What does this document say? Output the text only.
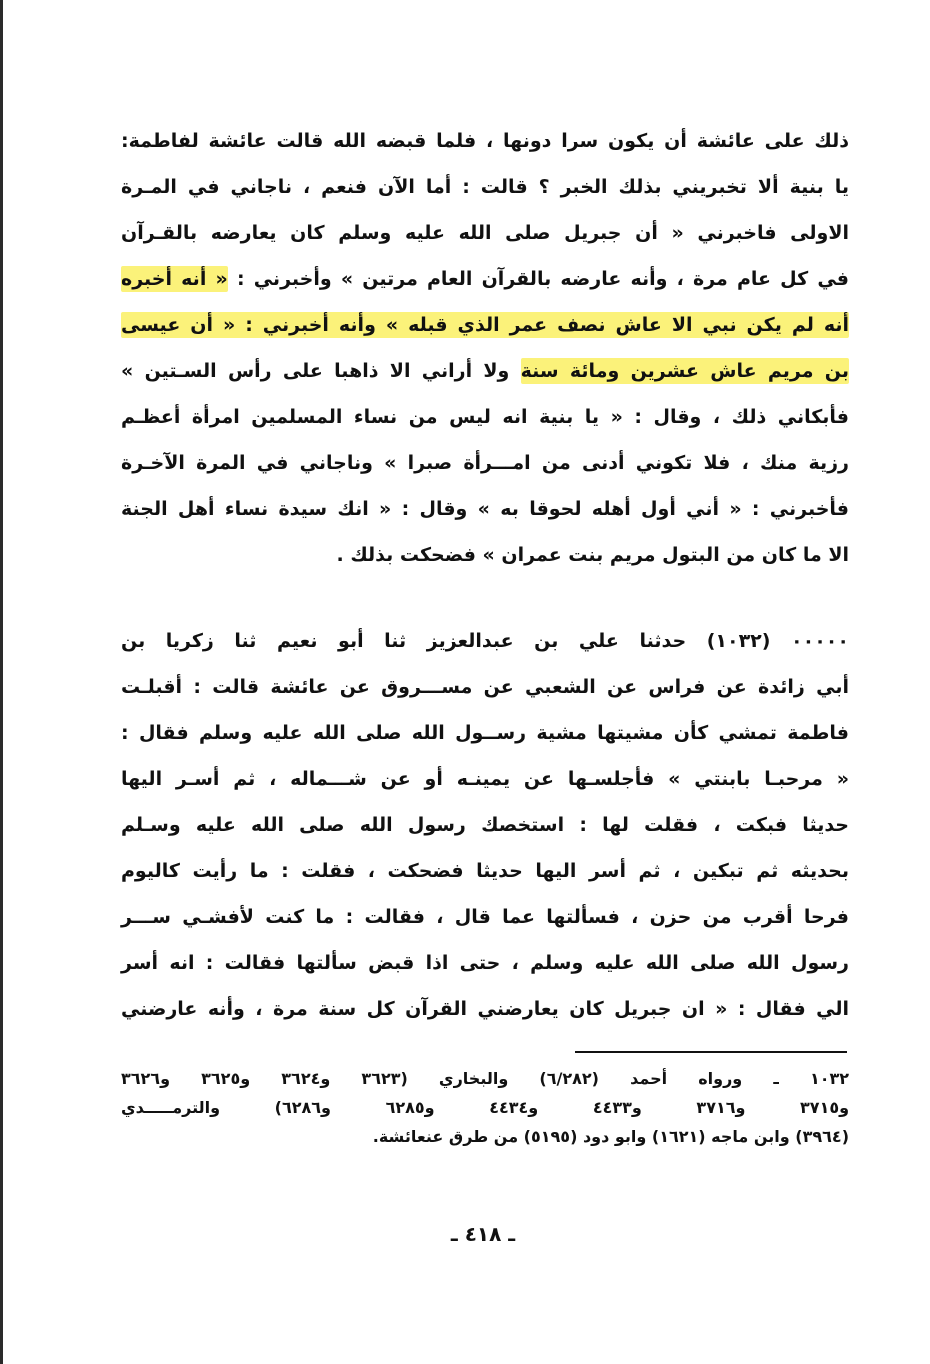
ذلك على عائشة أن يكون سرا دونها ، فلما قبضه الله قالت عائشة لفاطمة:
يا بنية ألا تخبريني بذلك الخبر ؟ قالت : أما الآن فنعم ، ناجاني في المـرة
الاولى فاخبرني « أن جبريل صلى الله عليه وسلم كان يعارضه بالقـرآن
في كل عام مرة ، وأنه عارضه بالقرآن العام مرتين » وأخبرني : « أنه أخبره
أنه لم يكن نبي الا عاش نصف عمر الذي قبله » وأنه أخبرني : « أن عيسى
بن مريم عاش عشرين ومائة سنة ولا أراني الا ذاهبا على رأس السـتين »
فأبكاني ذلك ، وقال : « يا بنية انه ليس من نساء المسلمين امرأة أعظـم
رزية منك ، فلا تكوني أدنى من امـــرأة صبرا » وناجاني في المرة الآخـرة
فأخبرني : « أني أول أهله لحوقا به » وقال : « انك سيدة نساء أهل الجنة
الا ما كان من البتول مريم بنت عمران » فضحكت بذلك .
٠٠٠٠٠ (١٠٣٢) حدثنا علي بن عبدالعزيز ثنا أبو نعيم ثنا زكريا بن
أبي زائدة عن فراس عن الشعبي عن مســـروق عن عائشة قالت : أقبلـت
فاطمة تمشي كأن مشيتها مشية رســول الله صلى الله عليه وسلم فقال :
« مرحبـا بابنتي » فأجلسـها عن يمينـه أو عن شـــماله ، ثم أسـر اليها
حديثا فبكت ، فقلت لها : استخصك رسول الله صلى الله عليه وسـلم
بحديثه ثم تبكين ، ثم أسر اليها حديثا فضحكت ، فقلت : ما رأيت كاليوم
فرحا أقرب من حزن ، فسألتها عما قال ، فقالت : ما كنت لأفشـي ســـر
رسول الله صلى الله عليه وسلم ، حتى اذا قبض سألتها فقالت : انه أسر
الي فقال : « ان جبريل كان يعارضني القرآن كل سنة مرة ، وأنه عارضني
١٠٣٢ ـ ورواه أحمد (٦/٢٨٢) والبخاري (٣٦٢٣ و٣٦٢٤ و٣٦٢٥ و٣٦٢٦
و٣٧١٥ و٣٧١٦ و٤٤٣٣ و٤٤٣٤ و٦٢٨٥ و٦٢٨٦) والترمـــــدي
(٣٩٦٤) وابن ماجه (١٦٢١) وابو دود (٥١٩٥) من طرق عنعائشة.
ـ ٤١٨ ـ
